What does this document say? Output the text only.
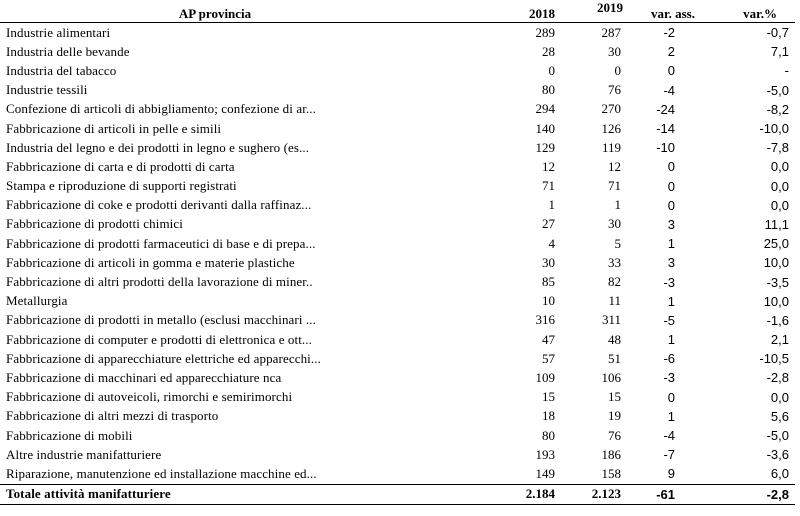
AP provincia	2018	2019	var. ass.	var.%
Industrie alimentari	289	287	-2	-0,7
Industria delle bevande	28	30	2	7,1
Industria del tabacco	0	0	0	-
Industrie tessili	80	76	-4	-5,0
Confezione di articoli di abbigliamento; confezione di ar...	294	270	-24	-8,2
Fabbricazione di articoli in pelle e simili	140	126	-14	-10,0
Industria del legno e dei prodotti in legno e sughero (es...	129	119	-10	-7,8
Fabbricazione di carta e di prodotti di carta	12	12	0	0,0
Stampa e riproduzione di supporti registrati	71	71	0	0,0
Fabbricazione di coke e prodotti derivanti dalla raffinaz...	1	1	0	0,0
Fabbricazione di prodotti chimici	27	30	3	11,1
Fabbricazione di prodotti farmaceutici di base e di prepa...	4	5	1	25,0
Fabbricazione di articoli in gomma e materie plastiche	30	33	3	10,0
Fabbricazione di altri prodotti della lavorazione di miner..	85	82	-3	-3,5
Metallurgia	10	11	1	10,0
Fabbricazione di prodotti in metallo (esclusi macchinari ...	316	311	-5	-1,6
Fabbricazione di computer e prodotti di elettronica e ott...	47	48	1	2,1
Fabbricazione di apparecchiature elettriche ed apparecchi...	57	51	-6	-10,5
Fabbricazione di macchinari ed apparecchiature nca	109	106	-3	-2,8
Fabbricazione di autoveicoli, rimorchi e semirimorchi	15	15	0	0,0
Fabbricazione di altri mezzi di trasporto	18	19	1	5,6
Fabbricazione di mobili	80	76	-4	-5,0
Altre industrie manifatturiere	193	186	-7	-3,6
Riparazione, manutenzione ed installazione macchine ed...	149	158	9	6,0
Totale attività manifatturiere	2.184	2.123	-61	-2,8
